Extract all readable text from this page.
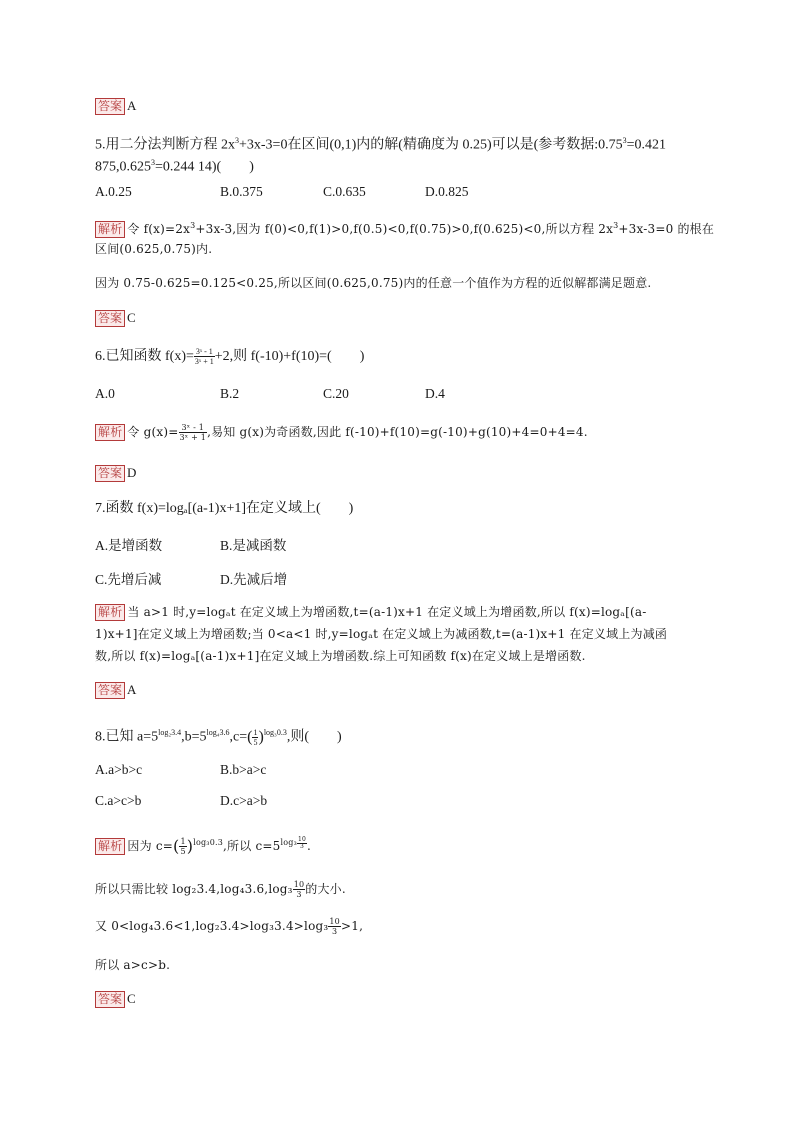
答案 A
5.用二分法判断方程 $2x^3+3x-3=0$在区间(0,1)内的解(精确度为 0.25)可以是(参考数据$:0.75^3=0.421$
$875,0.625^3=0.244$ 14)(　　)
A.0.25	B.0.375	C.0.635	D.0.825
解析 令 $f(x)=2x^3+3x-3$,因为 f(0)<0,f(1)>0,f(0.5)<0,f(0.75)>0,f(0.625)<0,所以方程 $2x^3+3x-3=0$ 的根在
区间(0.625,0.75)内.
因为 0.75-0.625=0.125<0.25,所以区间(0.625,0.75)内的任意一个值作为方程的近似解都满足题意.
答案 C
6.已知函数 $f(x)= \frac{\text{3ˣ - 1}}{\text{3ˣ + 1}} +2$,则 f(-10)+f(10)=(　　)
A.0	B.2	C.20	D.4
解析 令 $g(x)= \frac{\text{3ˣ - 1}}{\text{3ˣ + 1}}$ ,易知 g(x)为奇函数,因此 f(-10)+f(10)=g(-10)+g(10)+4=0+4=4.
答案 D
7.函数 f(x)=logₐ[(a-1)x+1]在定义域上(　　)
A.是增函数	B.是减函数
C.先增后减	D.先减后增
解析 当 a>1 时,y=logₐt 在定义域上为增函数,t=(a-1)x+1 在定义域上为增函数,所以 f(x)=logₐ[(a-
1)x+1]在定义域上为增函数;当 0<a<1 时,y=logₐt 在定义域上为减函数,t=(a-1)x+1 在定义域上为减函
数,所以 f(x)=logₐ[(a-1)x+1]在定义域上为增函数.综上可知函数 f(x)在定义域上是增函数.
答案 A
8.已知 $a=5^{log_23.4},b=5^{log_43.6},c=( \frac{1}{5} )^{log_30.3}$,则(　　)
A.a>b>c	B.b>a>c
C.a>c>b	D.c>a>b
解析 因为 $c=( \frac{1}{5} )^{log_30.3}$,所以 $c=5^{log_3 \frac{10}{3}}$ .
所以只需比较 $\log_23.4,\log_43.6,\log_3 \frac{10}{3}$ 的大小.
又 $0<\log_43.6<1,\log_23.4>\log_33.4>\log_3 \frac{10}{3} >1$,
所以 a>c>b.
答案 C
